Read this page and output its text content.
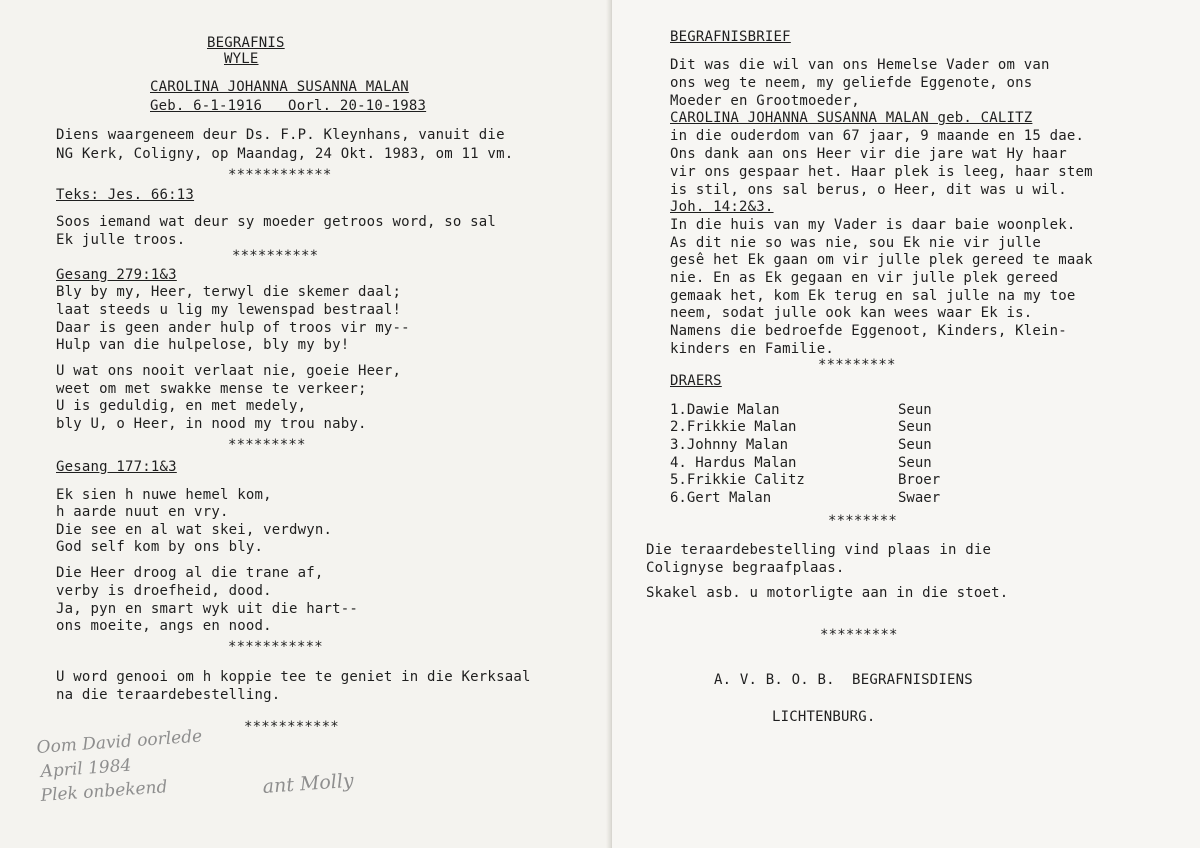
BEGRAFNIS
WYLE
CAROLINA JOHANNA SUSANNA MALAN
Geb. 6-1-1916   Oorl. 20-10-1983
Diens waargeneem deur Ds. F.P. Kleynhans, vanuit die
NG Kerk, Coligny, op Maandag, 24 Okt. 1983, om 11 vm.
************
Teks: Jes. 66:13
Soos iemand wat deur sy moeder getroos word, so sal
Ek julle troos.
**********
Gesang 279:1&3
Bly by my, Heer, terwyl die skemer daal;
laat steeds u lig my lewenspad bestraal!
Daar is geen ander hulp of troos vir my--
Hulp van die hulpelose, bly my by!
U wat ons nooit verlaat nie, goeie Heer,
weet om met swakke mense te verkeer;
U is geduldig, en met medely,
bly U, o Heer, in nood my trou naby.
*********
Gesang 177:1&3
Ek sien h nuwe hemel kom,
h aarde nuut en vry.
Die see en al wat skei, verdwyn.
God self kom by ons bly.
Die Heer droog al die trane af,
verby is droefheid, dood.
Ja, pyn en smart wyk uit die hart--
ons moeite, angs en nood.
***********
U word genooi om h koppie tee te geniet in die Kerksaal
na die teraardebestelling.
***********
Oom David oorlede
April 1984
Plek onbekend	ant Molly
BEGRAFNISBRIEF
Dit was die wil van ons Hemelse Vader om van
ons weg te neem, my geliefde Eggenote, ons
Moeder en Grootmoeder,
CAROLINA JOHANNA SUSANNA MALAN geb. CALITZ
in die ouderdom van 67 jaar, 9 maande en 15 dae.
Ons dank aan ons Heer vir die jare wat Hy haar
vir ons gespaar het. Haar plek is leeg, haar stem
is stil, ons sal berus, o Heer, dit was u wil.
Joh. 14:2&3.
In die huis van my Vader is daar baie woonplek.
As dit nie so was nie, sou Ek nie vir julle
gesê het Ek gaan om vir julle plek gereed te maak
nie. En as Ek gegaan en vir julle plek gereed
gemaak het, kom Ek terug en sal julle na my toe
neem, sodat julle ook kan wees waar Ek is.
Namens die bedroefde Eggenoot, Kinders, Klein-
kinders en Familie.
*********
DRAERS
1.Dawie Malan	Seun
2.Frikkie Malan	Seun
3.Johnny Malan	Seun
4. Hardus Malan	Seun
5.Frikkie Calitz	Broer
6.Gert Malan	Swaer
********
Die teraardebestelling vind plaas in die
Colignyse begraafplaas.
Skakel asb. u motorligte aan in die stoet.
*********
A. V. B. O. B.  BEGRAFNISDIENS
LICHTENBURG.
